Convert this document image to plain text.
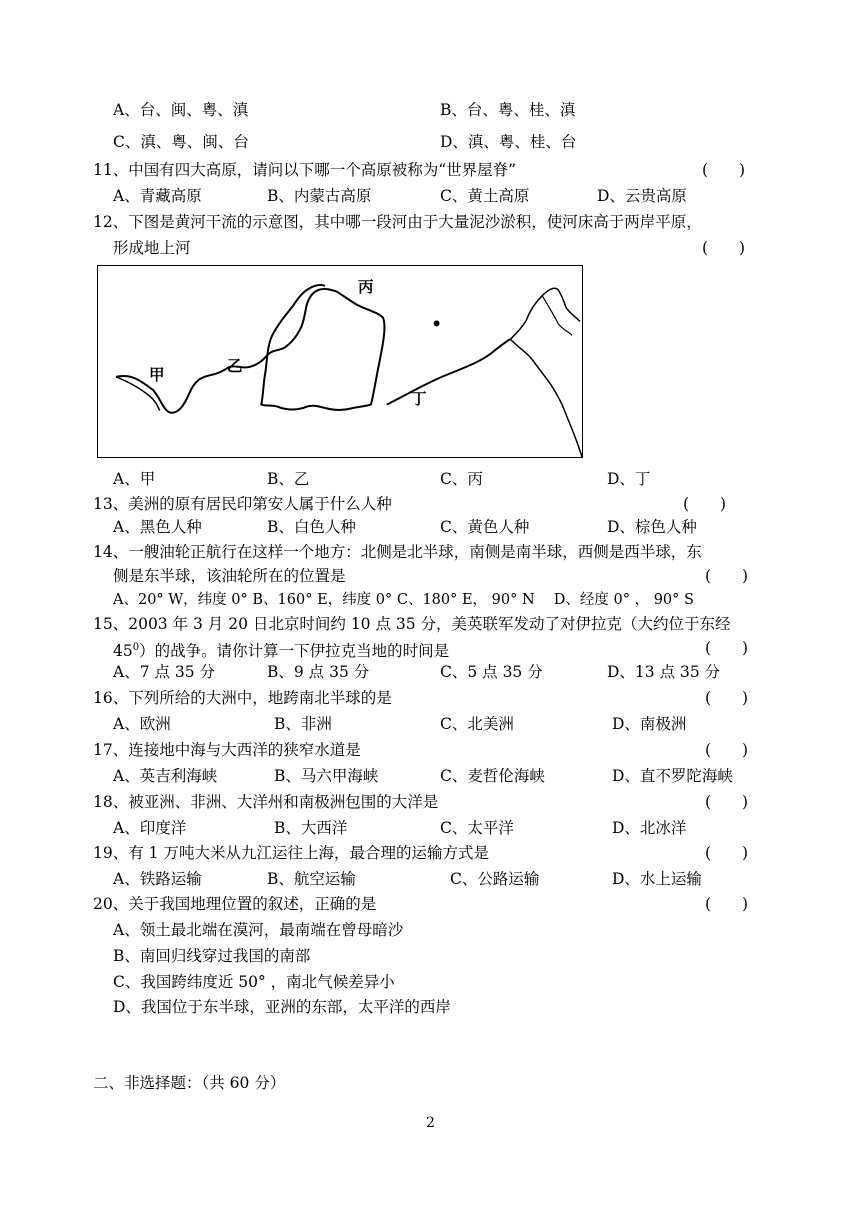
A、台、闽、粤、滇	B、台、粤、桂、滇
C、滇、粤、闽、台	D、滇、粤、桂、台
11、中国有四大高原，请问以下哪一个高原被称为“世界屋脊”	(　　)
A、青藏高原	B、内蒙古高原	C、黄土高原	D、云贵高原
12、下图是黄河干流的示意图，其中哪一段河由于大量泥沙淤积，使河床高于两岸平原，
形成地上河	(　　)
甲	乙
丙
丁
A、甲	B、乙	C、丙	D、丁
13、美洲的原有居民印第安人属于什么人种	(　　)
A、黑色人种	B、白色人种	C、黄色人种	D、棕色人种
14、一艘油轮正航行在这样一个地方：北侧是北半球，南侧是南半球，西侧是西半球，东
侧是东半球，该油轮所在的位置是	(　　)
A、20° W，纬度 0° B、160° E，纬度 0° C、180° E， 90° N　 D、经度 0° ， 90° S
15、2003 年 3 月 20 日北京时间约 10 点 35 分，美英联军发动了对伊拉克（大约位于东经
$45^0$）的战争。请你计算一下伊拉克当地的时间是	(　　)
A、7 点 35 分	B、9 点 35 分	C、5 点 35 分	D、13 点 35 分
16、下列所给的大洲中，地跨南北半球的是	(　　)
A、欧洲	B、非洲	C、北美洲	D、南极洲
17、连接地中海与大西洋的狭窄水道是	(　　)
A、英吉利海峡	B、马六甲海峡	C、麦哲伦海峡	D、直不罗陀海峡
18、被亚洲、非洲、大洋州和南极洲包围的大洋是	(　　)
A、印度洋	B、大西洋	C、太平洋	D、北冰洋
19、有 1 万吨大米从九江运往上海，最合理的运输方式是	(　　)
A、铁路运输	B、航空运输	C、公路运输	D、水上运输
20、关于我国地理位置的叙述，正确的是	(　　)
A、领土最北端在漠河，最南端在曾母暗沙
B、南回归线穿过我国的南部
C、我国跨纬度近 50° ，南北气候差异小
D、我国位于东半球，亚洲的东部，太平洋的西岸
二、非选择题：（共 60 分）
2
